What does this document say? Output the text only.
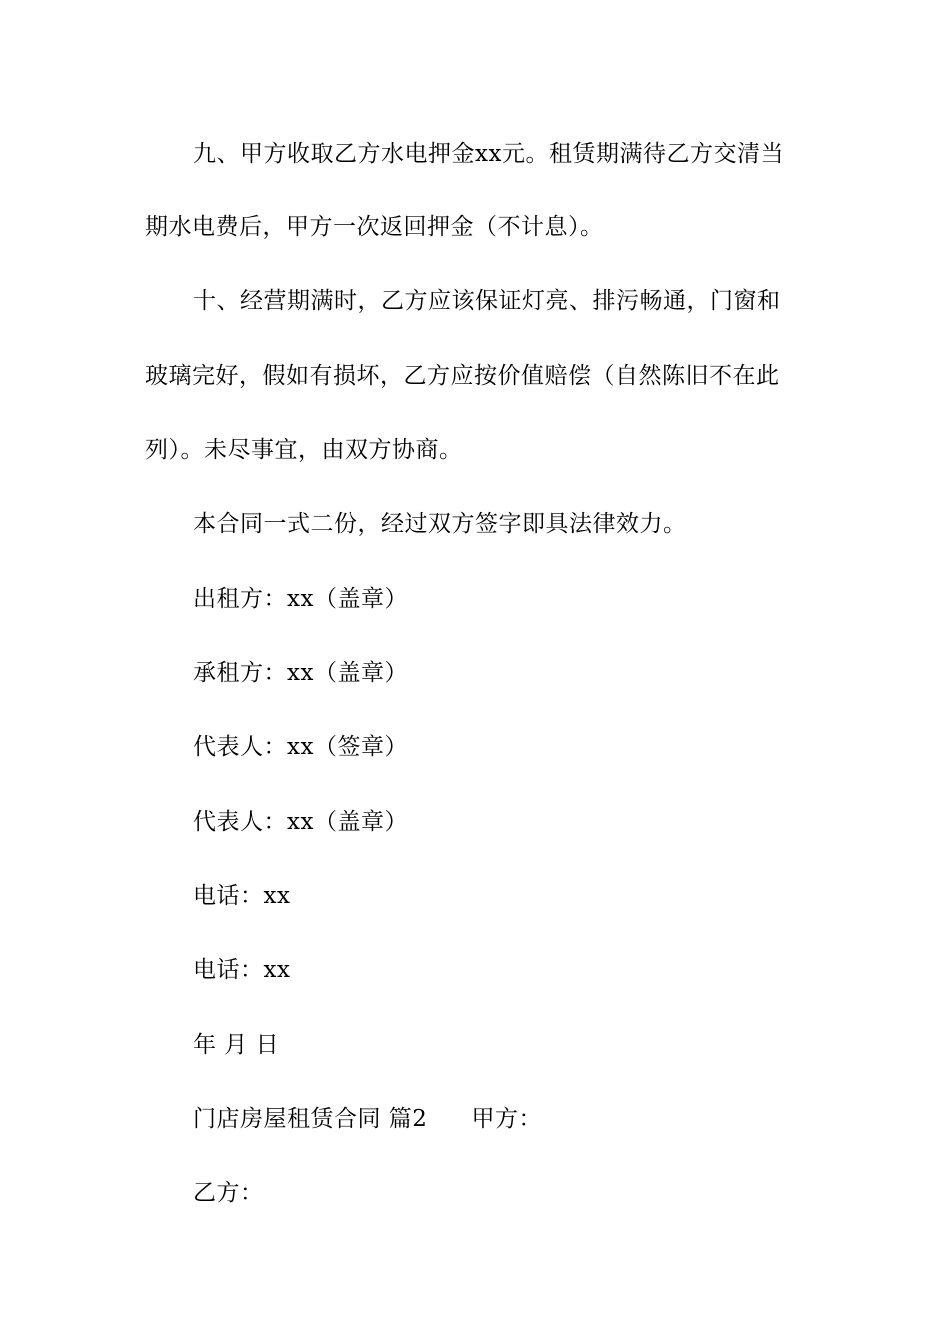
九、甲方收取乙方水电押金xx元。租赁期满待乙方交清当
期水电费后，甲方一次返回押金（不计息）。
十、经营期满时，乙方应该保证灯亮、排污畅通，门窗和
玻璃完好，假如有损坏，乙方应按价值赔偿（自然陈旧不在此
列）。未尽事宜，由双方协商。
本合同一式二份，经过双方签字即具法律效力。
出租方：xx（盖章）
承租方：xx（盖章）
代表人：xx（签章）
代表人：xx（盖章）
电话：xx
电话：xx
年 月 日
门店房屋租赁合同 篇2 甲方：
乙方：
